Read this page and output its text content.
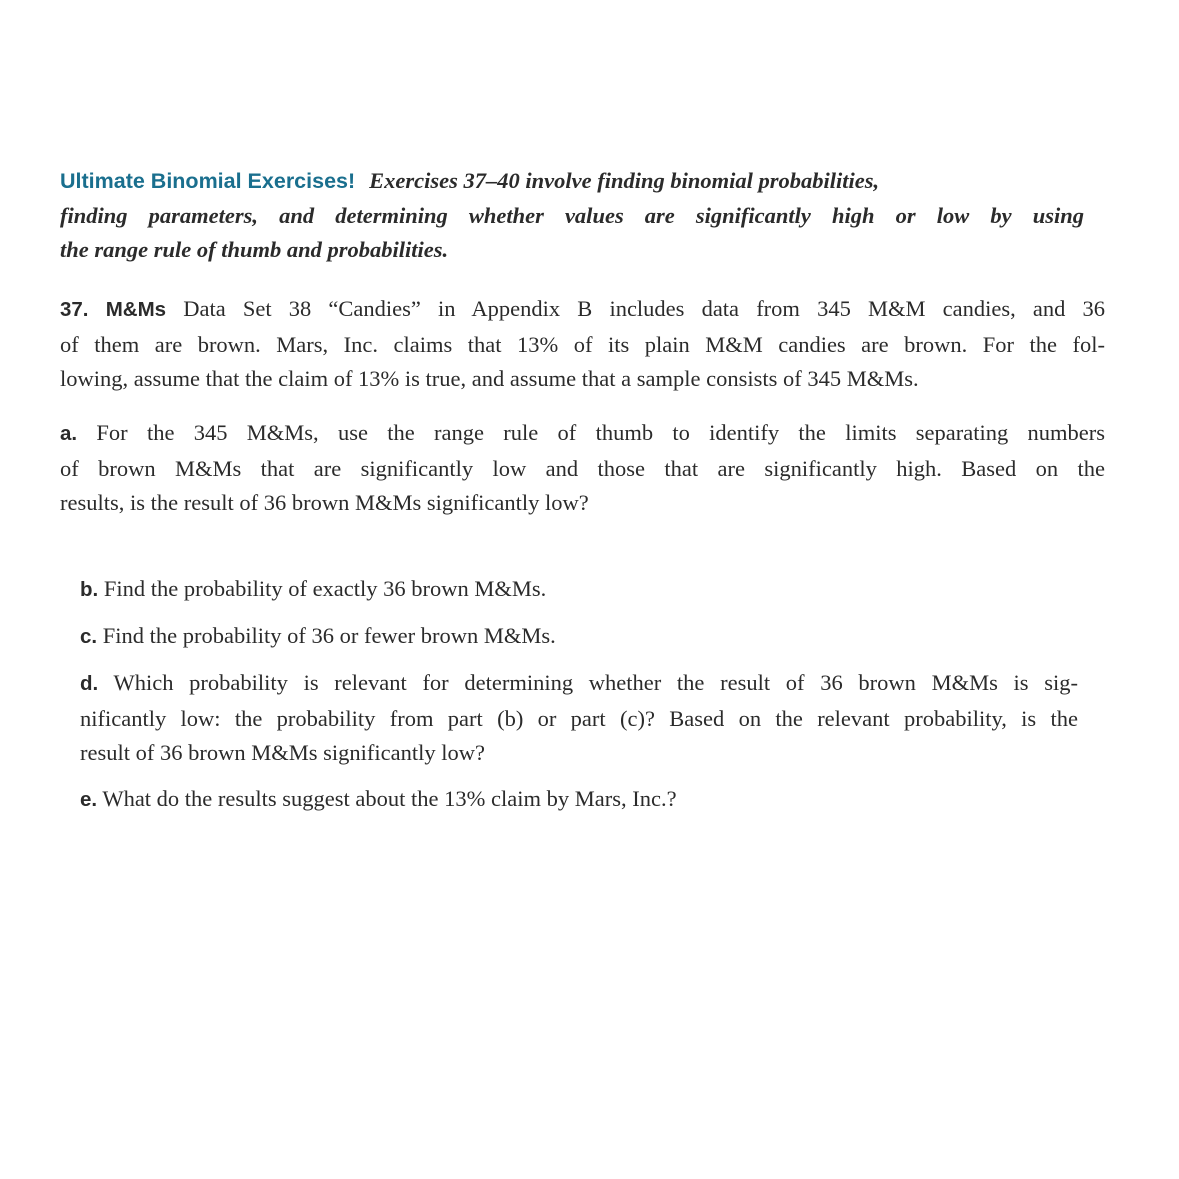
Ultimate Binomial Exercises! Exercises 37–40 involve finding binomial probabilities,
finding parameters, and determining whether values are significantly high or low by using
the range rule of thumb and probabilities.
37. M&Ms Data Set 38 “Candies” in Appendix B includes data from 345 M&M candies, and 36
of them are brown. Mars, Inc. claims that 13% of its plain M&M candies are brown. For the fol-
lowing, assume that the claim of 13% is true, and assume that a sample consists of 345 M&Ms.
a. For the 345 M&Ms, use the range rule of thumb to identify the limits separating numbers
of brown M&Ms that are significantly low and those that are significantly high. Based on the
results, is the result of 36 brown M&Ms significantly low?
b. Find the probability of exactly 36 brown M&Ms.
c. Find the probability of 36 or fewer brown M&Ms.
d. Which probability is relevant for determining whether the result of 36 brown M&Ms is sig-
nificantly low: the probability from part (b) or part (c)? Based on the relevant probability, is the
result of 36 brown M&Ms significantly low?
e. What do the results suggest about the 13% claim by Mars, Inc.?
